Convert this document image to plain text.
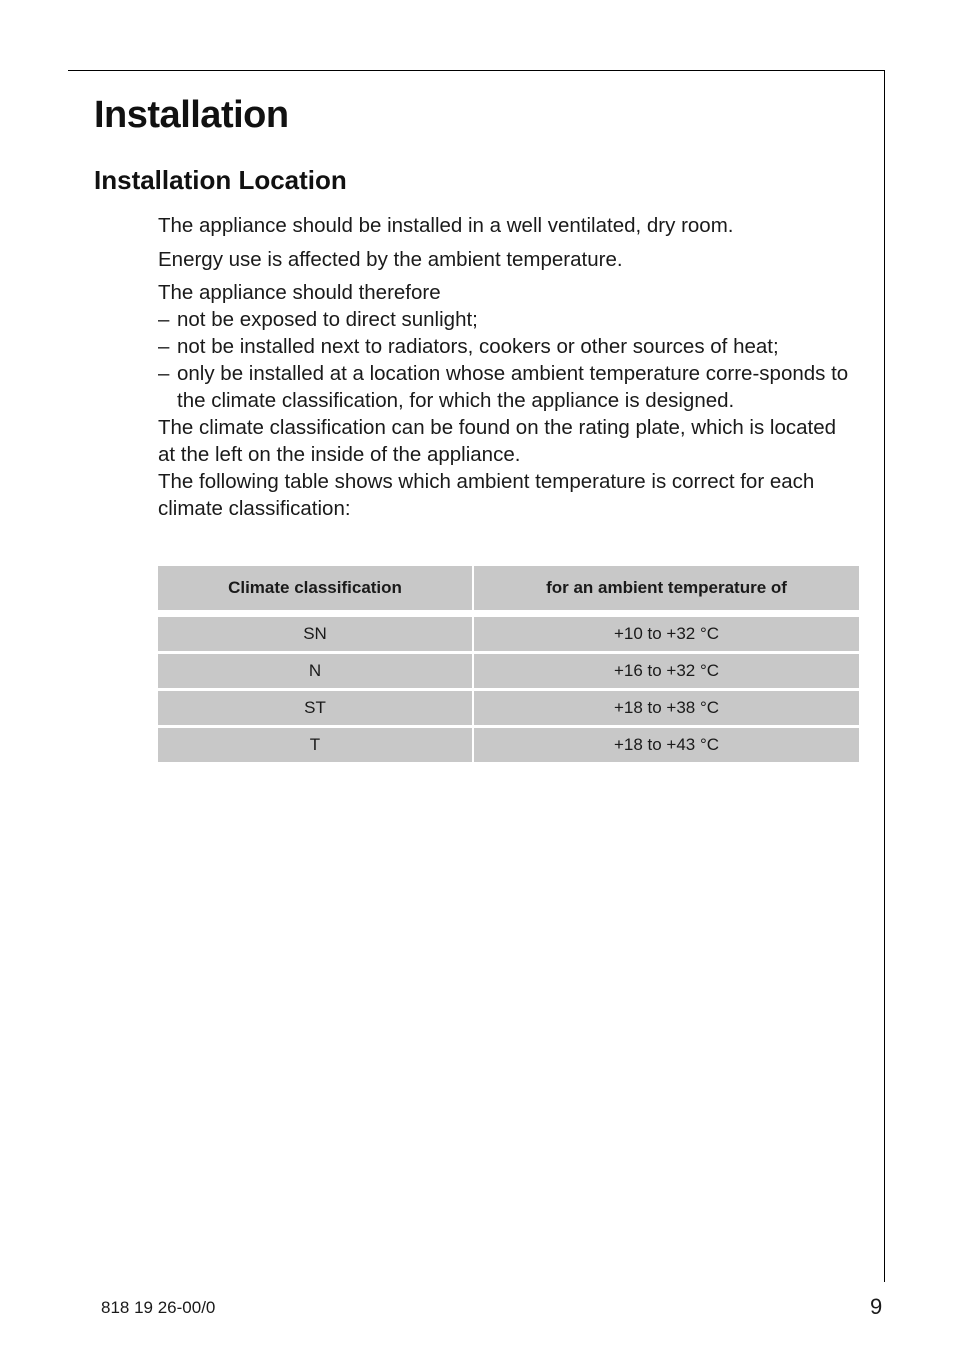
Installation
Installation Location

The appliance should be installed in a well ventilated, dry room.

Energy use is affected by the ambient temperature.

The appliance should therefore

– not be exposed to direct sunlight;
– not be installed next to radiators, cookers or other sources of heat;
– only be installed at a location whose ambient temperature corre-sponds to the climate classification, for which the appliance is designed.

The climate classification can be found on the rating plate, which is located at the left on the inside of the appliance.

The following table shows which ambient temperature is correct for each climate classification:

Climate classification	for an ambient temperature of
SN	+10 to +32 °C
N	+16 to +32 °C
ST	+18 to +38 °C
T	+18 to +43 °C
818 19 26-00/0	9
